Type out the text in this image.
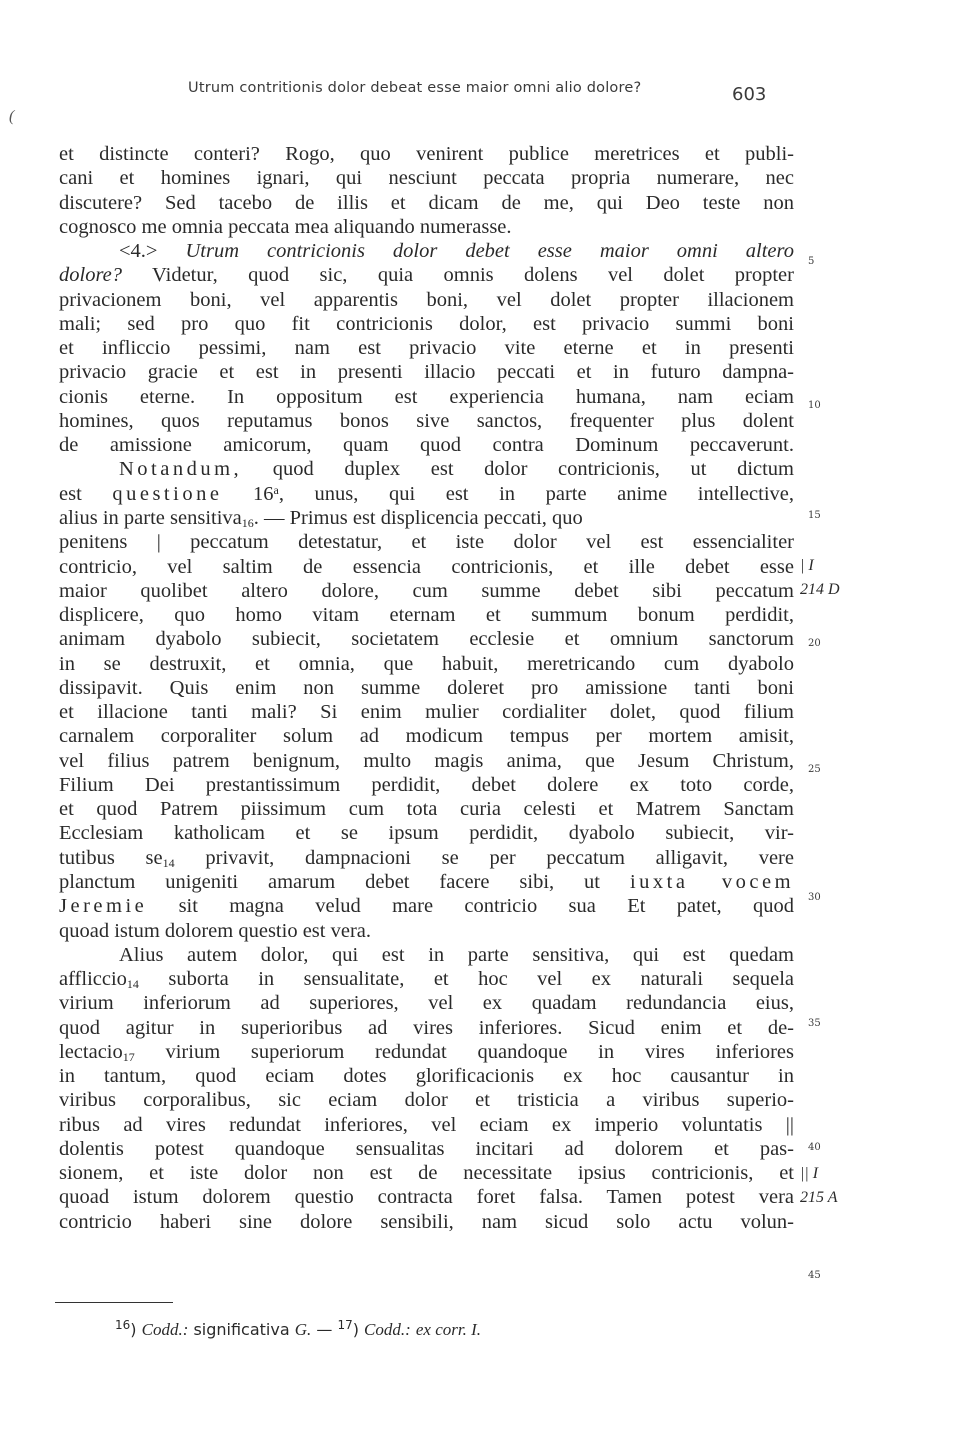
Utrum contritionis dolor debeat esse maior omni alio dolore?	603
(
et distincte conteri? Rogo, quo venirent publice meretrices et publi-
cani et homines ignari, qui nesciunt peccata propria numerare, nec
discutere? Sed tacebo de illis et dicam de me, qui Deo teste non
cognosco me omnia peccata mea aliquando numerasse.
<4.> Utrum contricionis dolor debet esse maior omni altero
dolore? Videtur, quod sic, quia omnis dolens vel dolet propter
privacionem boni, vel apparentis boni, vel dolet propter illacionem
mali; sed pro quo fit contricionis dolor, est privacio summi boni
et infliccio pessimi, nam est privacio vite eterne et in presenti
privacio gracie et est in presenti illacio peccati et in futuro dampna-
cionis eterne. In oppositum est experiencia humana, nam eciam
homines, quos reputamus bonos sive sanctos, frequenter plus dolent
de amissione amicorum, quam quod contra Dominum peccaverunt.
Notandum, quod duplex est dolor contricionis, ut dictum
est questione 16$^a$, unus, qui est in parte anime intellective,
alius in parte sensitiva$_{16}$. — Primus est displicencia peccati, quo
penitens | peccatum detestatur, et iste dolor vel est essencialiter
contricio, vel saltim de essencia contricionis, et ille debet esse
maior quolibet altero dolore, cum summe debet sibi peccatum
displicere, quo homo vitam eternam et summum bonum perdidit,
animam dyabolo subiecit, societatem ecclesie et omnium sanctorum
in se destruxit, et omnia, que habuit, meretricando cum dyabolo
dissipavit. Quis enim non summe doleret pro amissione tanti boni
et illacione tanti mali? Si enim mulier cordialiter dolet, quod filium
carnalem corporaliter solum ad modicum tempus per mortem amisit,
vel filius patrem benignum, multo magis anima, que Jesum Christum,
Filium Dei prestantissimum perdidit, debet dolere ex toto corde,
et quod Patrem piissimum cum tota curia celesti et Matrem Sanctam
Ecclesiam katholicam et se ipsum perdidit, dyabolo subiecit, vir-
tutibus $se_{14}$ privavit, dampnacioni se per peccatum alligavit, vere
planctum unigeniti amarum debet facere sibi, ut iuxta vocem
Jeremie sit magna velud mare contricio sua Et patet, quod
quoad istum dolorem questio est vera.
Alius autem dolor, qui est in parte sensitiva, qui est quedam
affliccio$_{14}$ suborta in sensualitate, et hoc vel ex naturali sequela
virium inferiorum ad superiores, vel ex quadam redundancia eius,
quod agitur in superioribus ad vires inferiores. Sicud enim et de-
lectacio$_{17}$ virium superiorum redundat quandoque in vires inferiores
in tantum, quod eciam dotes glorificacionis ex hoc causantur in
viribus corporalibus, sic eciam dolor et tristicia a viribus superio-
ribus ad vires redundat inferiores, vel eciam ex imperio voluntatis ||
dolentis potest quandoque sensualitas incitari ad dolorem et pas-
sionem, et iste dolor non est de necessitate ipsius contricionis, et
quoad istum dolorem questio contracta foret falsa. Tamen potest vera
contricio haberi sine dolore sensibili, nam sicud solo actu volun-
5
10
15
| I
214 D
20
25
30
35
40
|| I
215 A
45
$^{16}$) Codd.: significativa G. — $^{17}$) Codd.: ex corr. I.
